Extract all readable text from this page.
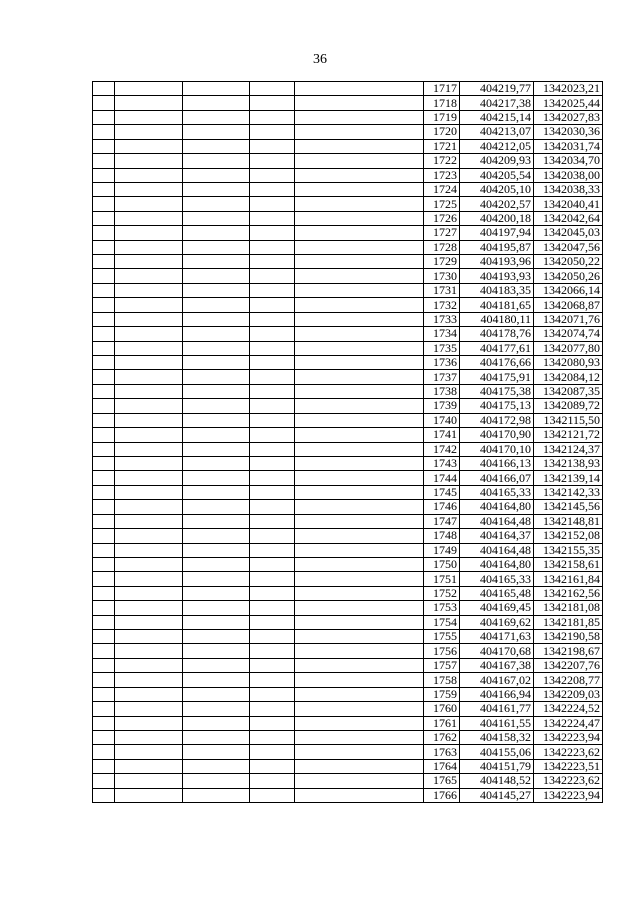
36
					1717	404219,77	1342023,21
					1718	404217,38	1342025,44
					1719	404215,14	1342027,83
					1720	404213,07	1342030,36
					1721	404212,05	1342031,74
					1722	404209,93	1342034,70
					1723	404205,54	1342038,00
					1724	404205,10	1342038,33
					1725	404202,57	1342040,41
					1726	404200,18	1342042,64
					1727	404197,94	1342045,03
					1728	404195,87	1342047,56
					1729	404193,96	1342050,22
					1730	404193,93	1342050,26
					1731	404183,35	1342066,14
					1732	404181,65	1342068,87
					1733	404180,11	1342071,76
					1734	404178,76	1342074,74
					1735	404177,61	1342077,80
					1736	404176,66	1342080,93
					1737	404175,91	1342084,12
					1738	404175,38	1342087,35
					1739	404175,13	1342089,72
					1740	404172,98	1342115,50
					1741	404170,90	1342121,72
					1742	404170,10	1342124,37
					1743	404166,13	1342138,93
					1744	404166,07	1342139,14
					1745	404165,33	1342142,33
					1746	404164,80	1342145,56
					1747	404164,48	1342148,81
					1748	404164,37	1342152,08
					1749	404164,48	1342155,35
					1750	404164,80	1342158,61
					1751	404165,33	1342161,84
					1752	404165,48	1342162,56
					1753	404169,45	1342181,08
					1754	404169,62	1342181,85
					1755	404171,63	1342190,58
					1756	404170,68	1342198,67
					1757	404167,38	1342207,76
					1758	404167,02	1342208,77
					1759	404166,94	1342209,03
					1760	404161,77	1342224,52
					1761	404161,55	1342224,47
					1762	404158,32	1342223,94
					1763	404155,06	1342223,62
					1764	404151,79	1342223,51
					1765	404148,52	1342223,62
					1766	404145,27	1342223,94
